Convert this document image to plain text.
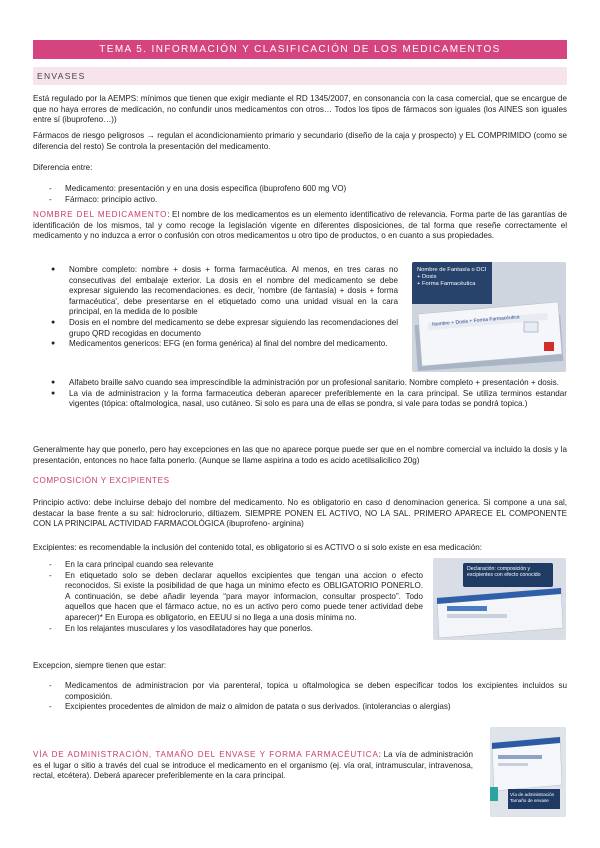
TEMA 5. INFORMACIÓN Y CLASIFICACIÓN DE LOS MEDICAMENTOS
ENVASES
Está regulado por la AEMPS: mínimos que tienen que exigir mediante el RD 1345/2007, en consonancia con la casa comercial, que se encargue de que no haya errores de medicación, no confundir unos medicamentos con otros… Todos los tipos de fármacos son iguales (los AINES son iguales entre sí (ibuprofeno…))
Fármacos de riesgo peligrosos → regulan el acondicionamiento primario y secundario (diseño de la caja y prospecto) y EL COMPRIMIDO (como se diferencia del resto) Se controla la presentación del medicamento.
Diferencia entre:
- Medicamento: presentación y en una dosis especifica (ibuprofeno 600 mg VO)
- Fármaco: principio activo.
NOMBRE DEL MEDICAMENTO: El nombre de los medicamentos es un elemento identificativo de relevancia. Forma parte de las garantías de identificación de los mismos, tal y como recoge la legislación vigente en diferentes disposiciones, de tal forma que reseñe correctamente el medicamento y no induzca a error o confusión con otros medicamentos u otro tipo de productos, o en cuanto a sus propiedades.
● Nombre completo: nombre + dosis + forma farmacéutica. Al menos, en tres caras no consecutivas del embalaje exterior. La dosis en el nombre del medicamento se debe expresar siguiendo las recomendaciones. es decir, 'nombre (de fantasía) + dosis + forma farmacéutica', debe presentarse en el etiquetado como una unidad visual en la cara principal, en la medida de lo posible
● Dosis en el nombre del medicamento se debe expresar siguiendo las recomendaciones del grupo QRD recogidas en documento
● Medicamentos genericos: EFG (en forma genérica) al final del nombre del medicamento.
● Alfabeto braille salvo cuando sea imprescindible la administración por un profesional sanitario. Nombre completo + presentación + dosis.
● La via de administracion y la forma farmaceutica deberan aparecer preferiblemente en la cara principal. Se utiliza terminos estandar vigentes (tópica: oftalmologica, nasal, uso cutáneo. Si solo es para una de ellas se pondra, si vale para todas se pondrá topica.)
Nombre de Fantasía o DCI
+ Dosis
+ Forma Farmacéutica
Nombre + Dosis + Forma Farmacéutica
Generalmente hay que ponerlo, pero hay excepciones en las que no aparece porque puede ser que en el nombre comercial va incluido la dosis y la presentación, entonces no hace falta ponerlo. (Aunque se llame aspirina a todo es acido acetilsalicilico 20g)
COMPOSICIÓN Y EXCIPIENTES
Principio activo: debe incluirse debajo del nombre del medicamento. No es obligatorio en caso d denominacion generica. Si compone a una sal, destacar la base frente a su sal: hidroclorurio, diltiazem. SIEMPRE PONEN EL ACTIVO, NO LA SAL. PRIMERO APARECE EL COMPONENTE CON LA PRINCIPAL ACTIVIDAD FARMACOLÓGICA (ibuprofeno- arginina)
Excipientes: es recomendable la inclusión del contenido total, es obligatorio si es ACTIVO o si solo existe en esa medicación:
- En la cara principal cuando sea relevante
- En etiquetado solo se deben declarar aquellos excipientes que tengan una accion o efecto reconocidos. Si existe la posibilidad de que haga un minimo efecto es OBLIGATORIO PONERLO. A continuación, se debe añadir leyenda “para mayor informacion, consultar prospecto”. Todo aquellos que hacen que el fármaco actue, no es un activo pero como puede tener actividad debe aparecer)* En Europa es obligatorio, en EEUU si no llega a una dosis mínima no.
- En los relajantes musculares y los vasodilatadores hay que ponerlos.
Declaración: composición y excipientes con efecto conocido
Excepcion, siempre tienen que estar:
- Medicamentos de administracion por via parenteral, topica u oftalmologica se deben especificar todos los excipientes incluidos su composición.
- Excipientes procedentes de almidon de maiz o almidon de patata o sus derivados. (intolerancias o alergias)
VÍA DE ADMINISTRACIÓN, TAMAÑO DEL ENVASE Y FORMA FARMACÉUTICA: La vía de administración es el lugar o sitio a través del cual se introduce el medicamento en el organismo (ej. vía oral, intramuscular, intravenosa, rectal, etcétera). Deberá aparecer preferiblemente en la cara principal.
Vía de administración
Tamaño de envase
